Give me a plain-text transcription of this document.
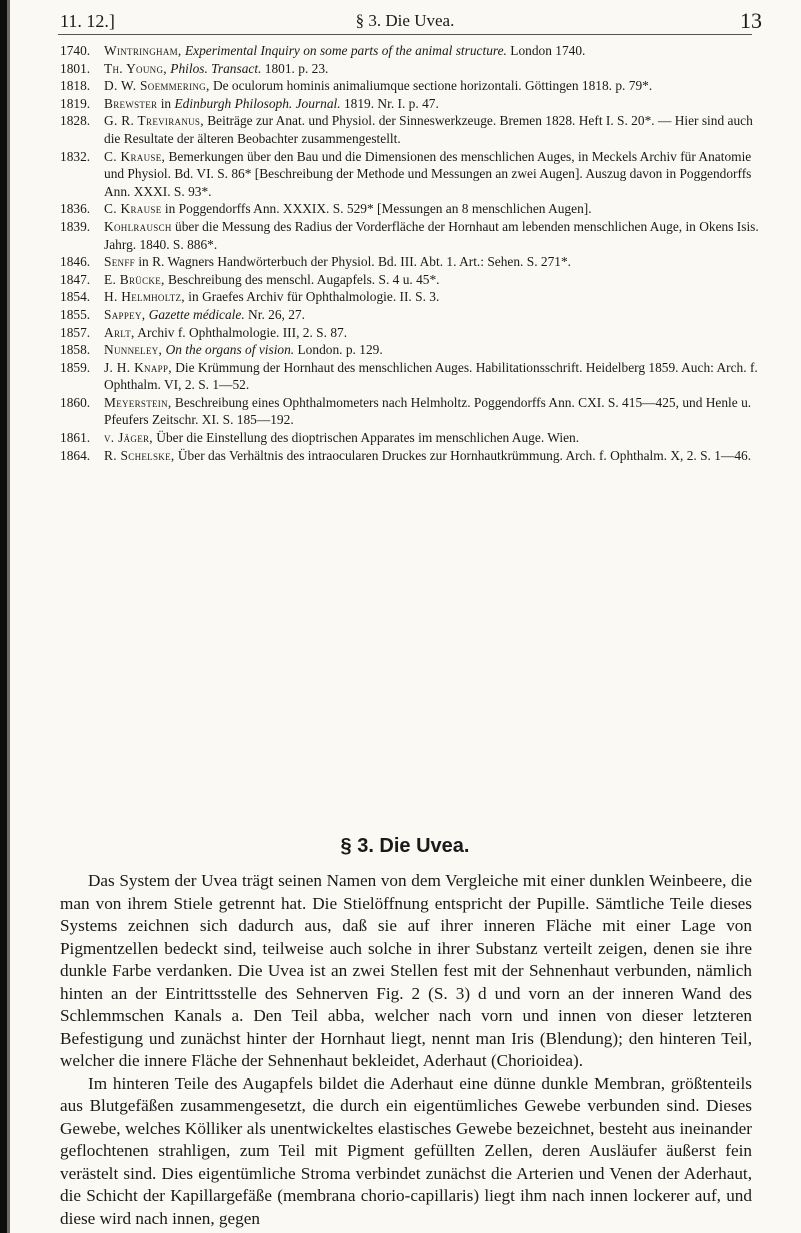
11. 12.]	§ 3. Die Uvea.	13
1740.	Wintringham, Experimental Inquiry on some parts of the animal structure. London 1740.
1801.	Th. Young, Philos. Transact. 1801. p. 23.
1818.	D. W. Soemmering, De oculorum hominis animaliumque sectione horizontali. Göttingen 1818. p. 79*.
1819.	Brewster in Edinburgh Philosoph. Journal. 1819. Nr. I. p. 47.
1828.	G. R. Treviranus, Beiträge zur Anat. und Physiol. der Sinneswerkzeuge. Bremen 1828. Heft I. S. 20*. — Hier sind auch die Resultate der älteren Beobachter zusammengestellt.
1832.	C. Krause, Bemerkungen über den Bau und die Dimensionen des menschlichen Auges, in Meckels Archiv für Anatomie und Physiol. Bd. VI. S. 86* [Beschreibung der Methode und Messungen an zwei Augen]. Auszug davon in Poggendorffs Ann. XXXI. S. 93*.
1836.	C. Krause in Poggendorffs Ann. XXXIX. S. 529* [Messungen an 8 menschlichen Augen].
1839.	Kohlrausch über die Messung des Radius der Vorderfläche der Hornhaut am lebenden menschlichen Auge, in Okens Isis. Jahrg. 1840. S. 886*.
1846.	Senff in R. Wagners Handwörterbuch der Physiol. Bd. III. Abt. 1. Art.: Sehen. S. 271*.
1847.	E. Brücke, Beschreibung des menschl. Augapfels. S. 4 u. 45*.
1854.	H. Helmholtz, in Graefes Archiv für Ophthalmologie. II. S. 3.
1855.	Sappey, Gazette médicale. Nr. 26, 27.
1857.	Arlt, Archiv f. Ophthalmologie. III, 2. S. 87.
1858.	Nunneley, On the organs of vision. London. p. 129.
1859.	J. H. Knapp, Die Krümmung der Hornhaut des menschlichen Auges. Habilitationsschrift. Heidelberg 1859. Auch: Arch. f. Ophthalm. VI, 2. S. 1—52.
1860.	Meyerstein, Beschreibung eines Ophthalmometers nach Helmholtz. Poggendorffs Ann. CXI. S. 415—425, und Henle u. Pfeufers Zeitschr. XI. S. 185—192.
1861.	v. Jäger, Über die Einstellung des dioptrischen Apparates im menschlichen Auge. Wien.
1864.	R. Schelske, Über das Verhältnis des intraocularen Druckes zur Hornhautkrümmung. Arch. f. Ophthalm. X, 2. S. 1—46.
§ 3. Die Uvea.

Das System der Uvea trägt seinen Namen von dem Vergleiche mit einer dunklen Weinbeere, die man von ihrem Stiele getrennt hat. Die Stielöffnung entspricht der Pupille. Sämtliche Teile dieses Systems zeichnen sich dadurch aus, daß sie auf ihrer inneren Fläche mit einer Lage von Pigmentzellen bedeckt sind, teilweise auch solche in ihrer Substanz verteilt zeigen, denen sie ihre dunkle Farbe verdanken. Die Uvea ist an zwei Stellen fest mit der Sehnenhaut verbunden, nämlich hinten an der Eintrittsstelle des Sehnerven Fig. 2 (S. 3) d und vorn an der inneren Wand des Schlemmschen Kanals a. Den Teil abba, welcher nach vorn und innen von dieser letzteren Befestigung und zunächst hinter der Hornhaut liegt, nennt man Iris (Blendung); den hinteren Teil, welcher die innere Fläche der Sehnenhaut bekleidet, Aderhaut (Chorioidea).

Im hinteren Teile des Augapfels bildet die Aderhaut eine dünne dunkle Membran, größtenteils aus Blutgefäßen zusammengesetzt, die durch ein eigentümliches Gewebe verbunden sind. Dieses Gewebe, welches Kölliker als unentwickeltes elastisches Gewebe bezeichnet, besteht aus ineinander geflochtenen strahligen, zum Teil mit Pigment gefüllten Zellen, deren Ausläufer äußerst fein verästelt sind. Dies eigentümliche Stroma verbindet zunächst die Arterien und Venen der Aderhaut, die Schicht der Kapillargefäße (membrana chorio-capillaris) liegt ihm nach innen lockerer auf, und diese wird nach innen, gegen
